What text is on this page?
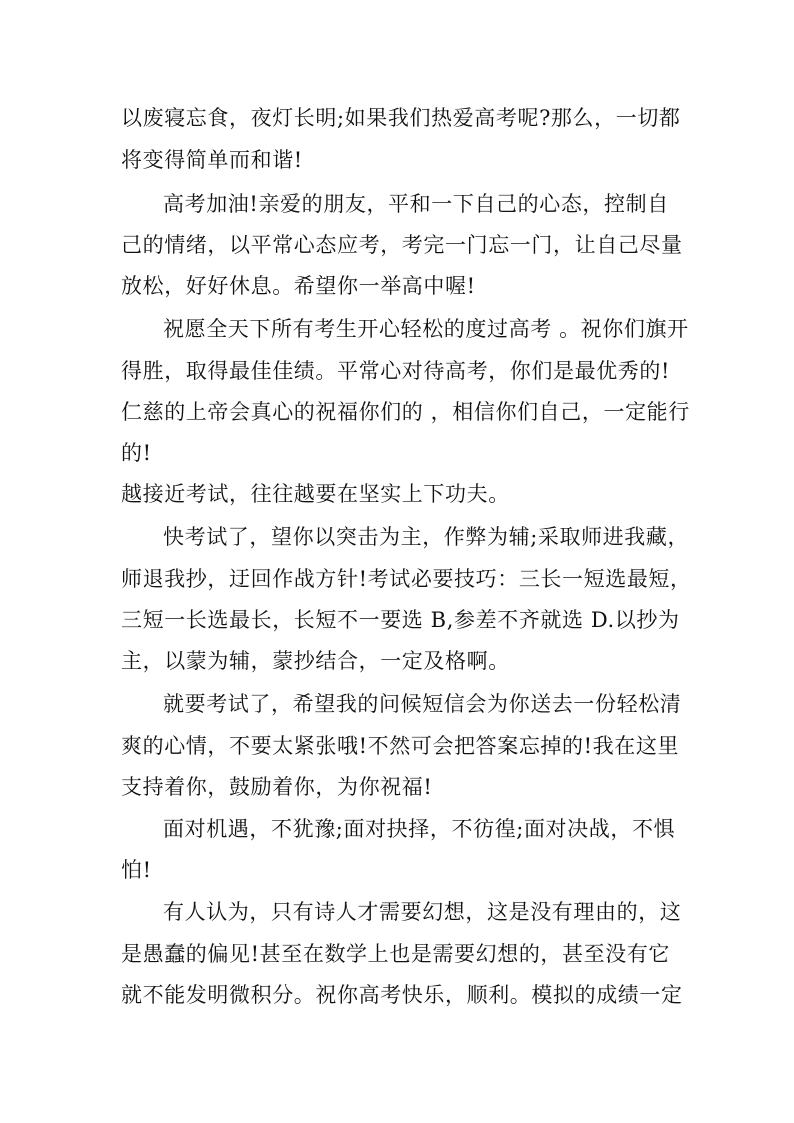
以废寝忘食，夜灯长明;如果我们热爱高考呢?那么，一切都
将变得简单而和谐!
高考加油!亲爱的朋友，平和一下自己的心态，控制自
己的情绪，以平常心态应考，考完一门忘一门，让自己尽量
放松，好好休息。希望你一举高中喔!
祝愿全天下所有考生开心轻松的度过高考 。祝你们旗开
得胜，取得最佳佳绩。平常心对待高考，你们是最优秀的!
仁慈的上帝会真心的祝福你们的 ，相信你们自己，一定能行
的!
越接近考试，往往越要在坚实上下功夫。
快考试了，望你以突击为主，作弊为辅;采取师进我藏，
师退我抄，迂回作战方针!考试必要技巧：三长一短选最短，
三短一长选最长，长短不一要选 B,参差不齐就选 D.以抄为
主，以蒙为辅，蒙抄结合，一定及格啊。
就要考试了，希望我的问候短信会为你送去一份轻松清
爽的心情，不要太紧张哦!不然可会把答案忘掉的!我在这里
支持着你，鼓励着你，为你祝福!
面对机遇，不犹豫;面对抉择，不彷徨;面对决战，不惧
怕!
有人认为，只有诗人才需要幻想，这是没有理由的，这
是愚蠢的偏见!甚至在数学上也是需要幻想的，甚至没有它
就不能发明微积分。祝你高考快乐，顺利。模拟的成绩一定
